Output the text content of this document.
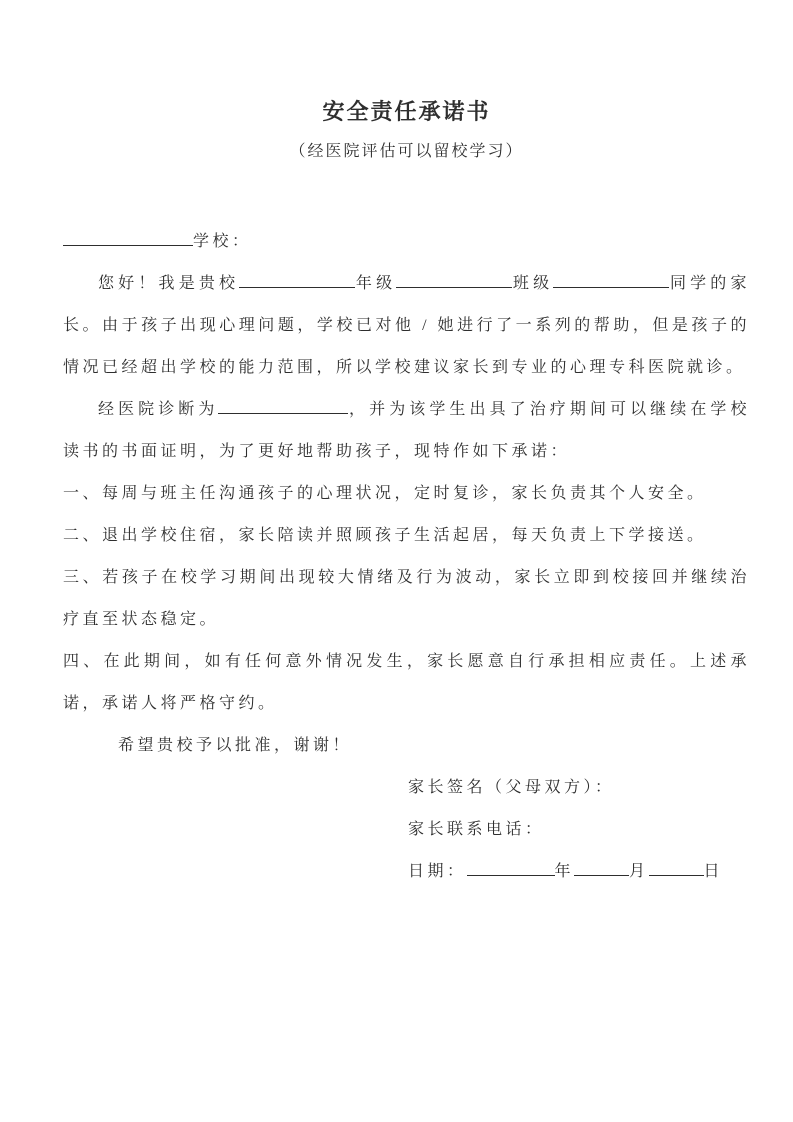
安全责任承诺书
（经医院评估可以留校学习）

学校：

您好！我是贵校	年级	班级	同学的家长。由于孩子出现心理问题，学校已对他 / 她进行了一系列的帮助，但是孩子的情况已经超出学校的能力范围，所以学校建议家长到专业的心理专科医院就诊。

经医院诊断为	，并为该学生出具了治疗期间可以继续在学校读书的书面证明，为了更好地帮助孩子，现特作如下承诺：

一、每周与班主任沟通孩子的心理状况，定时复诊，家长负责其个人安全。

二、退出学校住宿，家长陪读并照顾孩子生活起居，每天负责上下学接送。

三、若孩子在校学习期间出现较大情绪及行为波动，家长立即到校接回并继续治疗直至状态稳定。

四、在此期间，如有任何意外情况发生，家长愿意自行承担相应责任。上述承诺，承诺人将严格守约。

希望贵校予以批准，谢谢！

家长签名（父母双方）：

家长联系电话：

日期：	年	月	日
